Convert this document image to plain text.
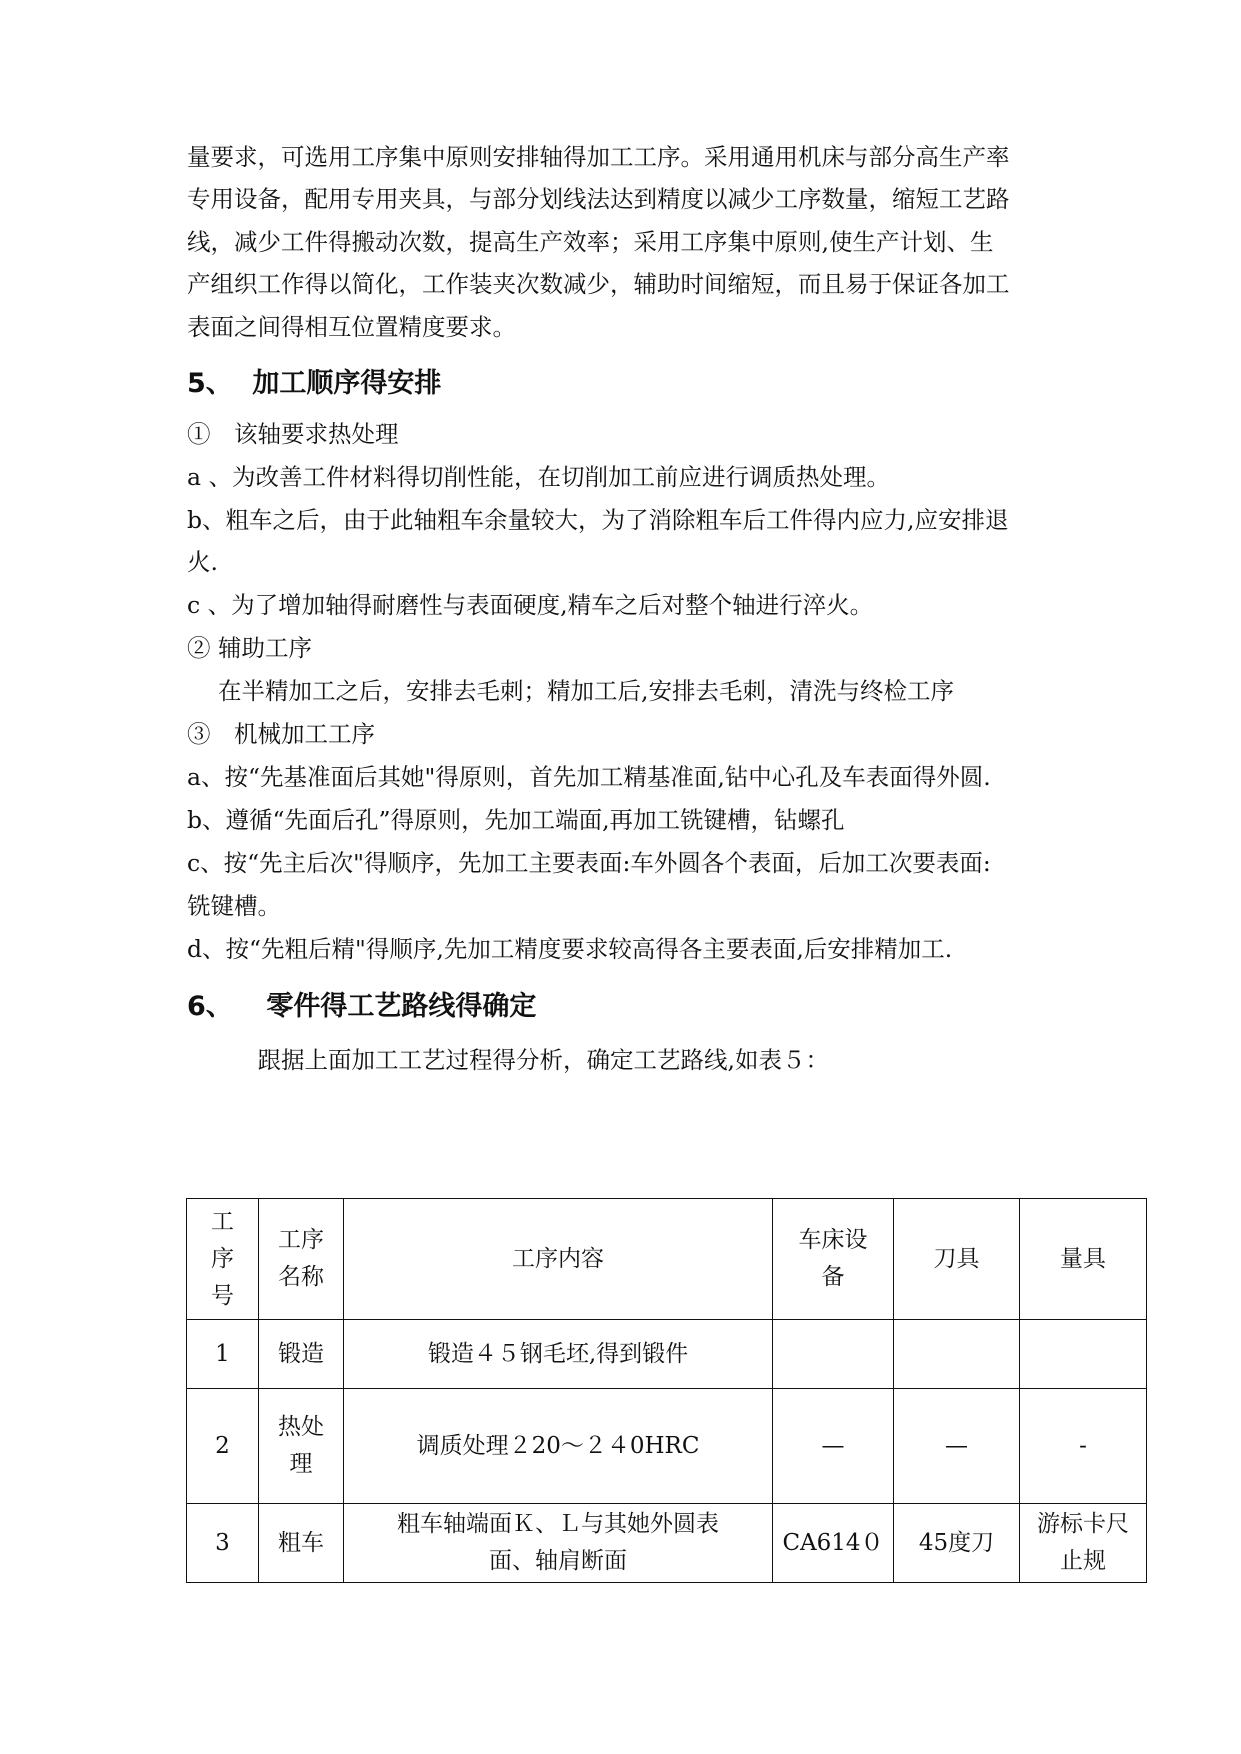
量要求，可选用工序集中原则安排轴得加工工序。采用通用机床与部分高生产率
专用设备，配用专用夹具，与部分划线法达到精度以减少工序数量，缩短工艺路
线，减少工件得搬动次数，提高生产效率；采用工序集中原则,使生产计划、生
产组织工作得以简化，工作装夹次数减少，辅助时间缩短，而且易于保证各加工
表面之间得相互位置精度要求。
5、 加工顺序得安排
①　该轴要求热处理
a 、为改善工件材料得切削性能，在切削加工前应进行调质热处理。
b、粗车之后，由于此轴粗车余量较大，为了消除粗车后工件得内应力,应安排退
火.
c 、为了增加轴得耐磨性与表面硬度,精车之后对整个轴进行淬火。
② 辅助工序
　 在半精加工之后，安排去毛刺；精加工后,安排去毛刺，清洗与终检工序
③　机械加工工序
a、按“先基准面后其她"得原则，首先加工精基准面,钻中心孔及车表面得外圆.
b、遵循“先面后孔”得原则，先加工端面,再加工铣键槽，钻螺孔
c、按“先主后次"得顺序，先加工主要表面:车外圆各个表面，后加工次要表面:
铣键槽。
d、按“先粗后精"得顺序,先加工精度要求较高得各主要表面,后安排精加工.
6、 零件得工艺路线得确定
　　　跟据上面加工工艺过程得分析，确定工艺路线,如表５：
工序号	工序名称	工序内容	车床设备	刀具	量具
1	锻造	锻造４５钢毛坯,得到锻件			
2	热处理	调质处理２20～２４0HRC	—	—	-
3	粗车	粗车轴端面Ｋ、Ｌ与其她外圆表面、轴肩断面	CA614０	45度刀	游标卡尺止规
